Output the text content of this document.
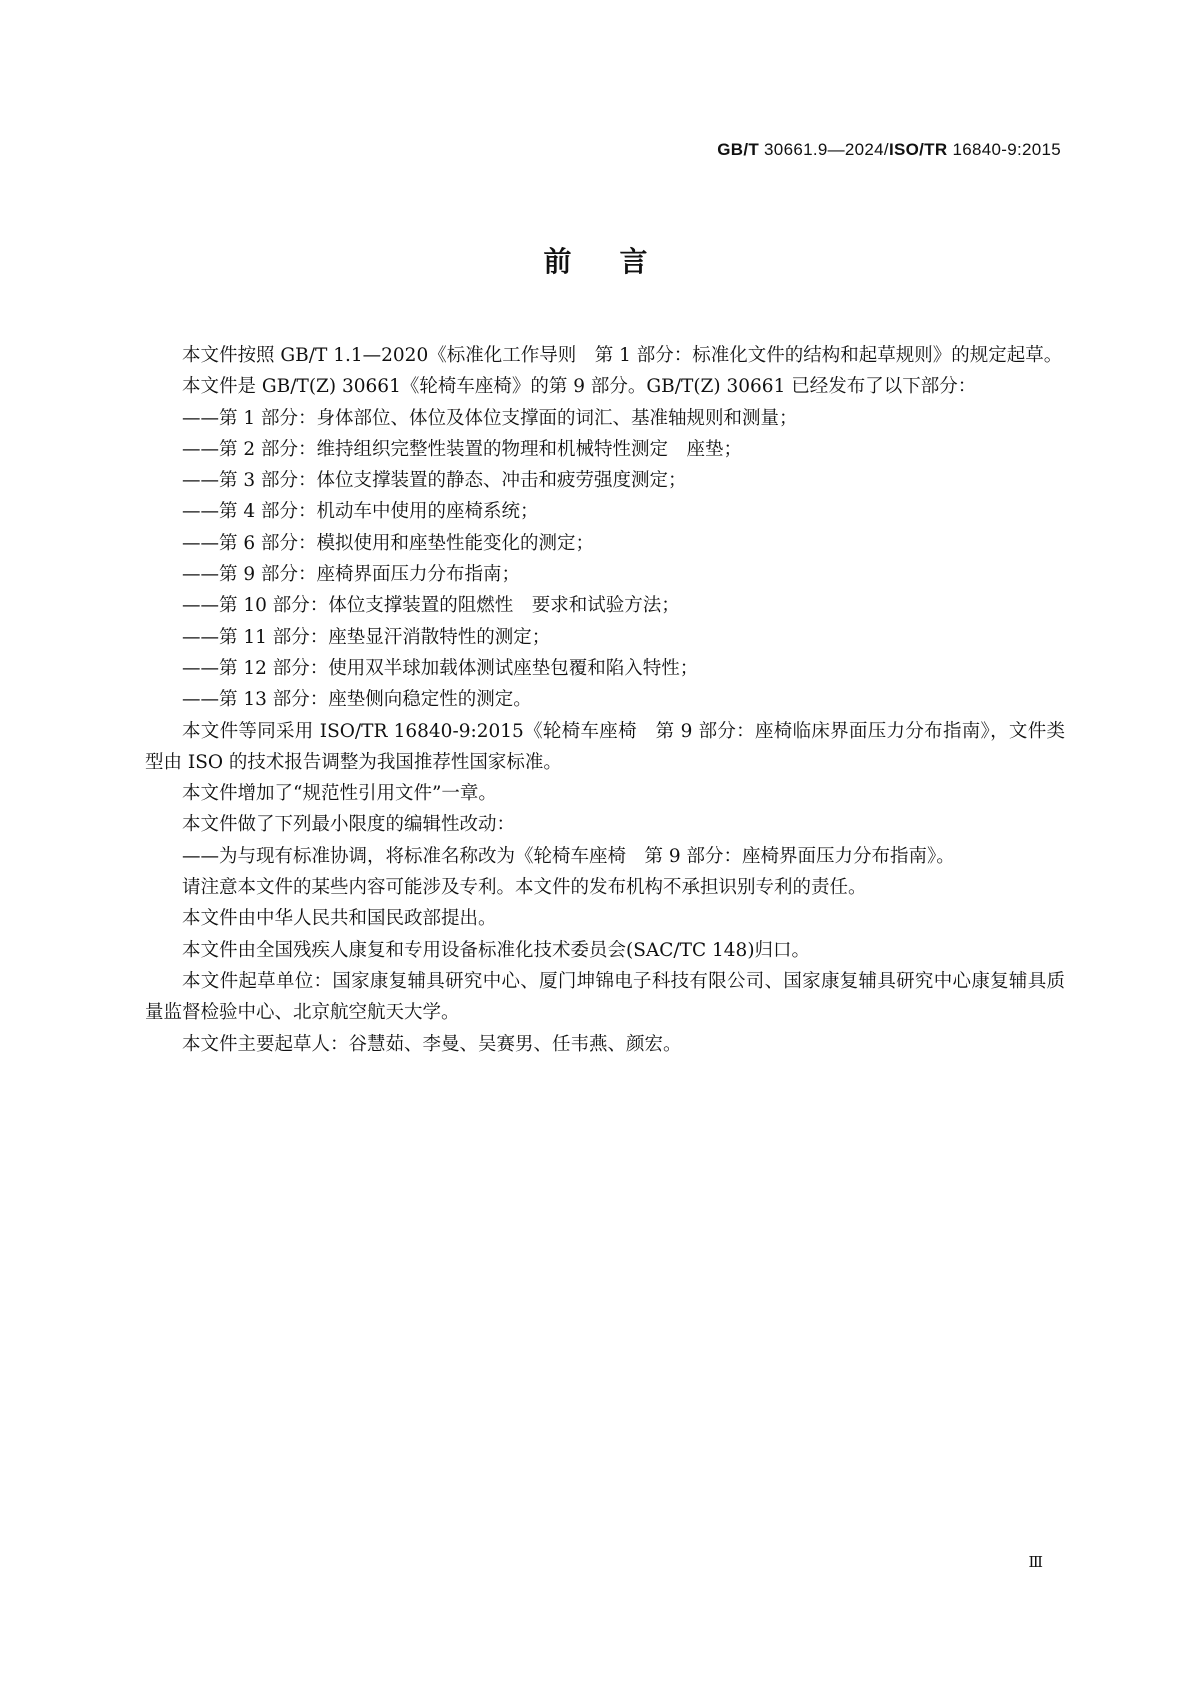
GB/T 30661.9—2024/ISO/TR 16840-9:2015
前言

本文件按照 GB/T 1.1—2020《标准化工作导则　第 1 部分：标准化文件的结构和起草规则》的规定起草。

本文件是 GB/T(Z) 30661《轮椅车座椅》的第 9 部分。GB/T(Z) 30661 已经发布了以下部分：

——第 1 部分：身体部位、体位及体位支撑面的词汇、基准轴规则和测量；

——第 2 部分：维持组织完整性装置的物理和机械特性测定　座垫；

——第 3 部分：体位支撑装置的静态、冲击和疲劳强度测定；

——第 4 部分：机动车中使用的座椅系统；

——第 6 部分：模拟使用和座垫性能变化的测定；

——第 9 部分：座椅界面压力分布指南；

——第 10 部分：体位支撑装置的阻燃性　要求和试验方法；

——第 11 部分：座垫显汗消散特性的测定；

——第 12 部分：使用双半球加载体测试座垫包覆和陷入特性；

——第 13 部分：座垫侧向稳定性的测定。

本文件等同采用 ISO/TR 16840-9:2015《轮椅车座椅　第 9 部分：座椅临床界面压力分布指南》，文件类型由 ISO 的技术报告调整为我国推荐性国家标准。

本文件增加了“规范性引用文件”一章。

本文件做了下列最小限度的编辑性改动：

——为与现有标准协调，将标准名称改为《轮椅车座椅　第 9 部分：座椅界面压力分布指南》。

请注意本文件的某些内容可能涉及专利。本文件的发布机构不承担识别专利的责任。

本文件由中华人民共和国民政部提出。

本文件由全国残疾人康复和专用设备标准化技术委员会(SAC/TC 148)归口。

本文件起草单位：国家康复辅具研究中心、厦门坤锦电子科技有限公司、国家康复辅具研究中心康复辅具质量监督检验中心、北京航空航天大学。

本文件主要起草人：谷慧茹、李曼、吴赛男、任韦燕、颜宏。

Ⅲ
